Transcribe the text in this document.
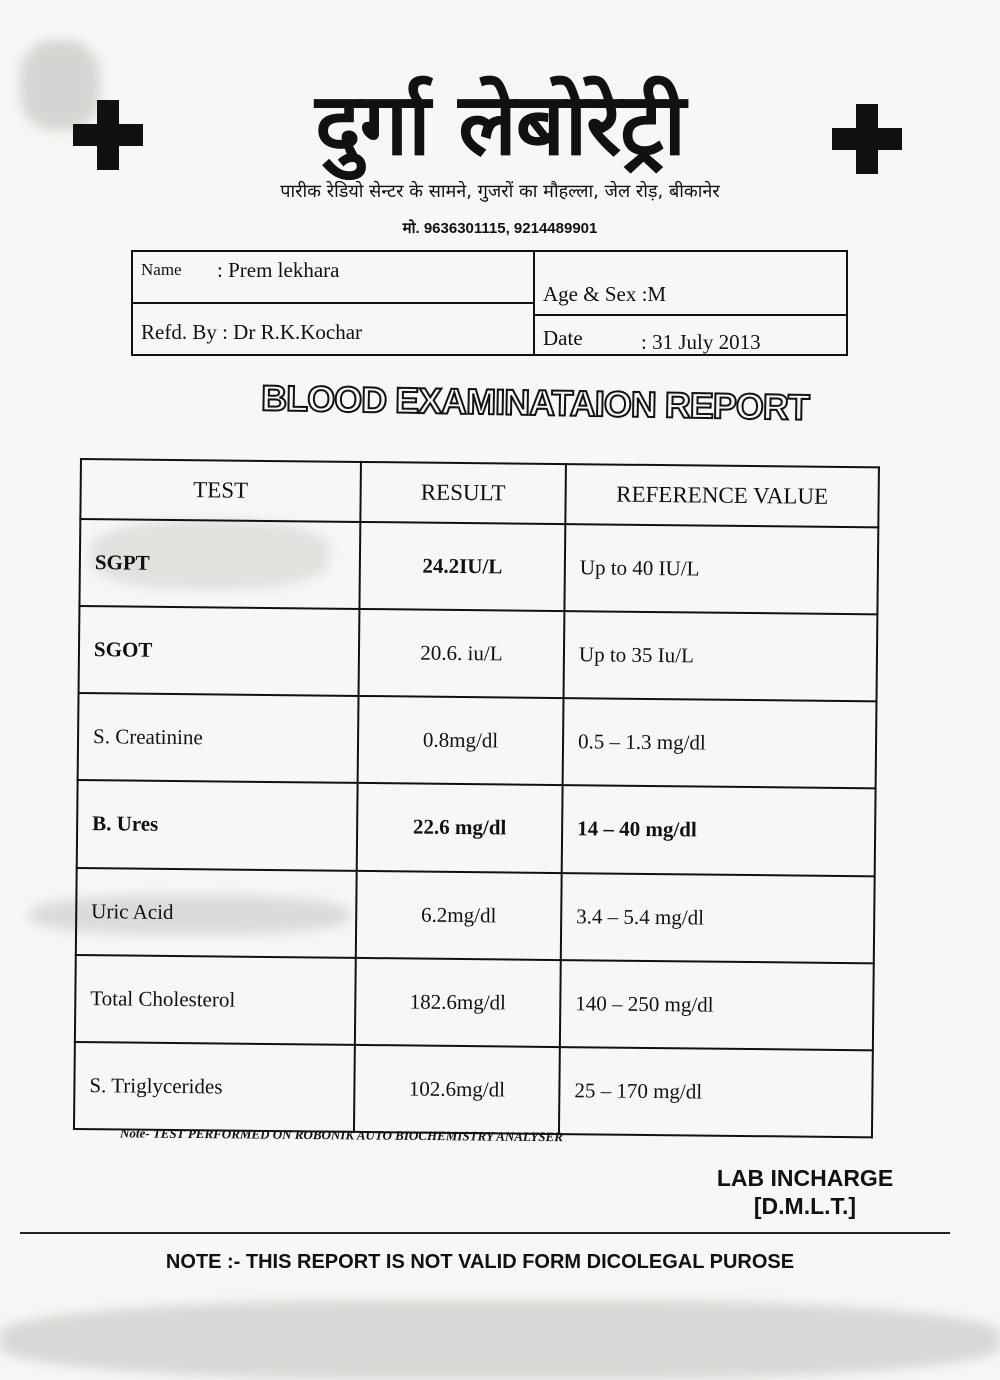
दुर्गा लेबोरेट्री
पारीक रेडियो सेन्टर के सामने, गुजरों का मौहल्ला, जेल रोड़, बीकानेर
मो. 9636301115, 9214489901
Name : Prem lekhara
Age & Sex :M
Refd. By : Dr R.K.Kochar	Date	: 31 July 2013
BLOOD EXAMINATAION REPORT
TEST	RESULT	REFERENCE VALUE
SGPT	24.2IU/L	Up to 40 IU/L
SGOT	20.6. iu/L	Up to 35 Iu/L
S. Creatinine	0.8mg/dl	0.5 – 1.3 mg/dl
B. Ures	22.6 mg/dl	14 – 40 mg/dl
Uric Acid	6.2mg/dl	3.4 – 5.4 mg/dl
Total Cholesterol	182.6mg/dl	140 – 250 mg/dl
S. Triglycerides	102.6mg/dl	25 – 170 mg/dl
Note- TEST PERFORMED ON ROBONIK AUTO BIOCHEMISTRY ANALYSER
LAB INCHARGE
[D.M.L.T.]
NOTE :- THIS REPORT IS NOT VALID FORM DICOLEGAL PUROSE
